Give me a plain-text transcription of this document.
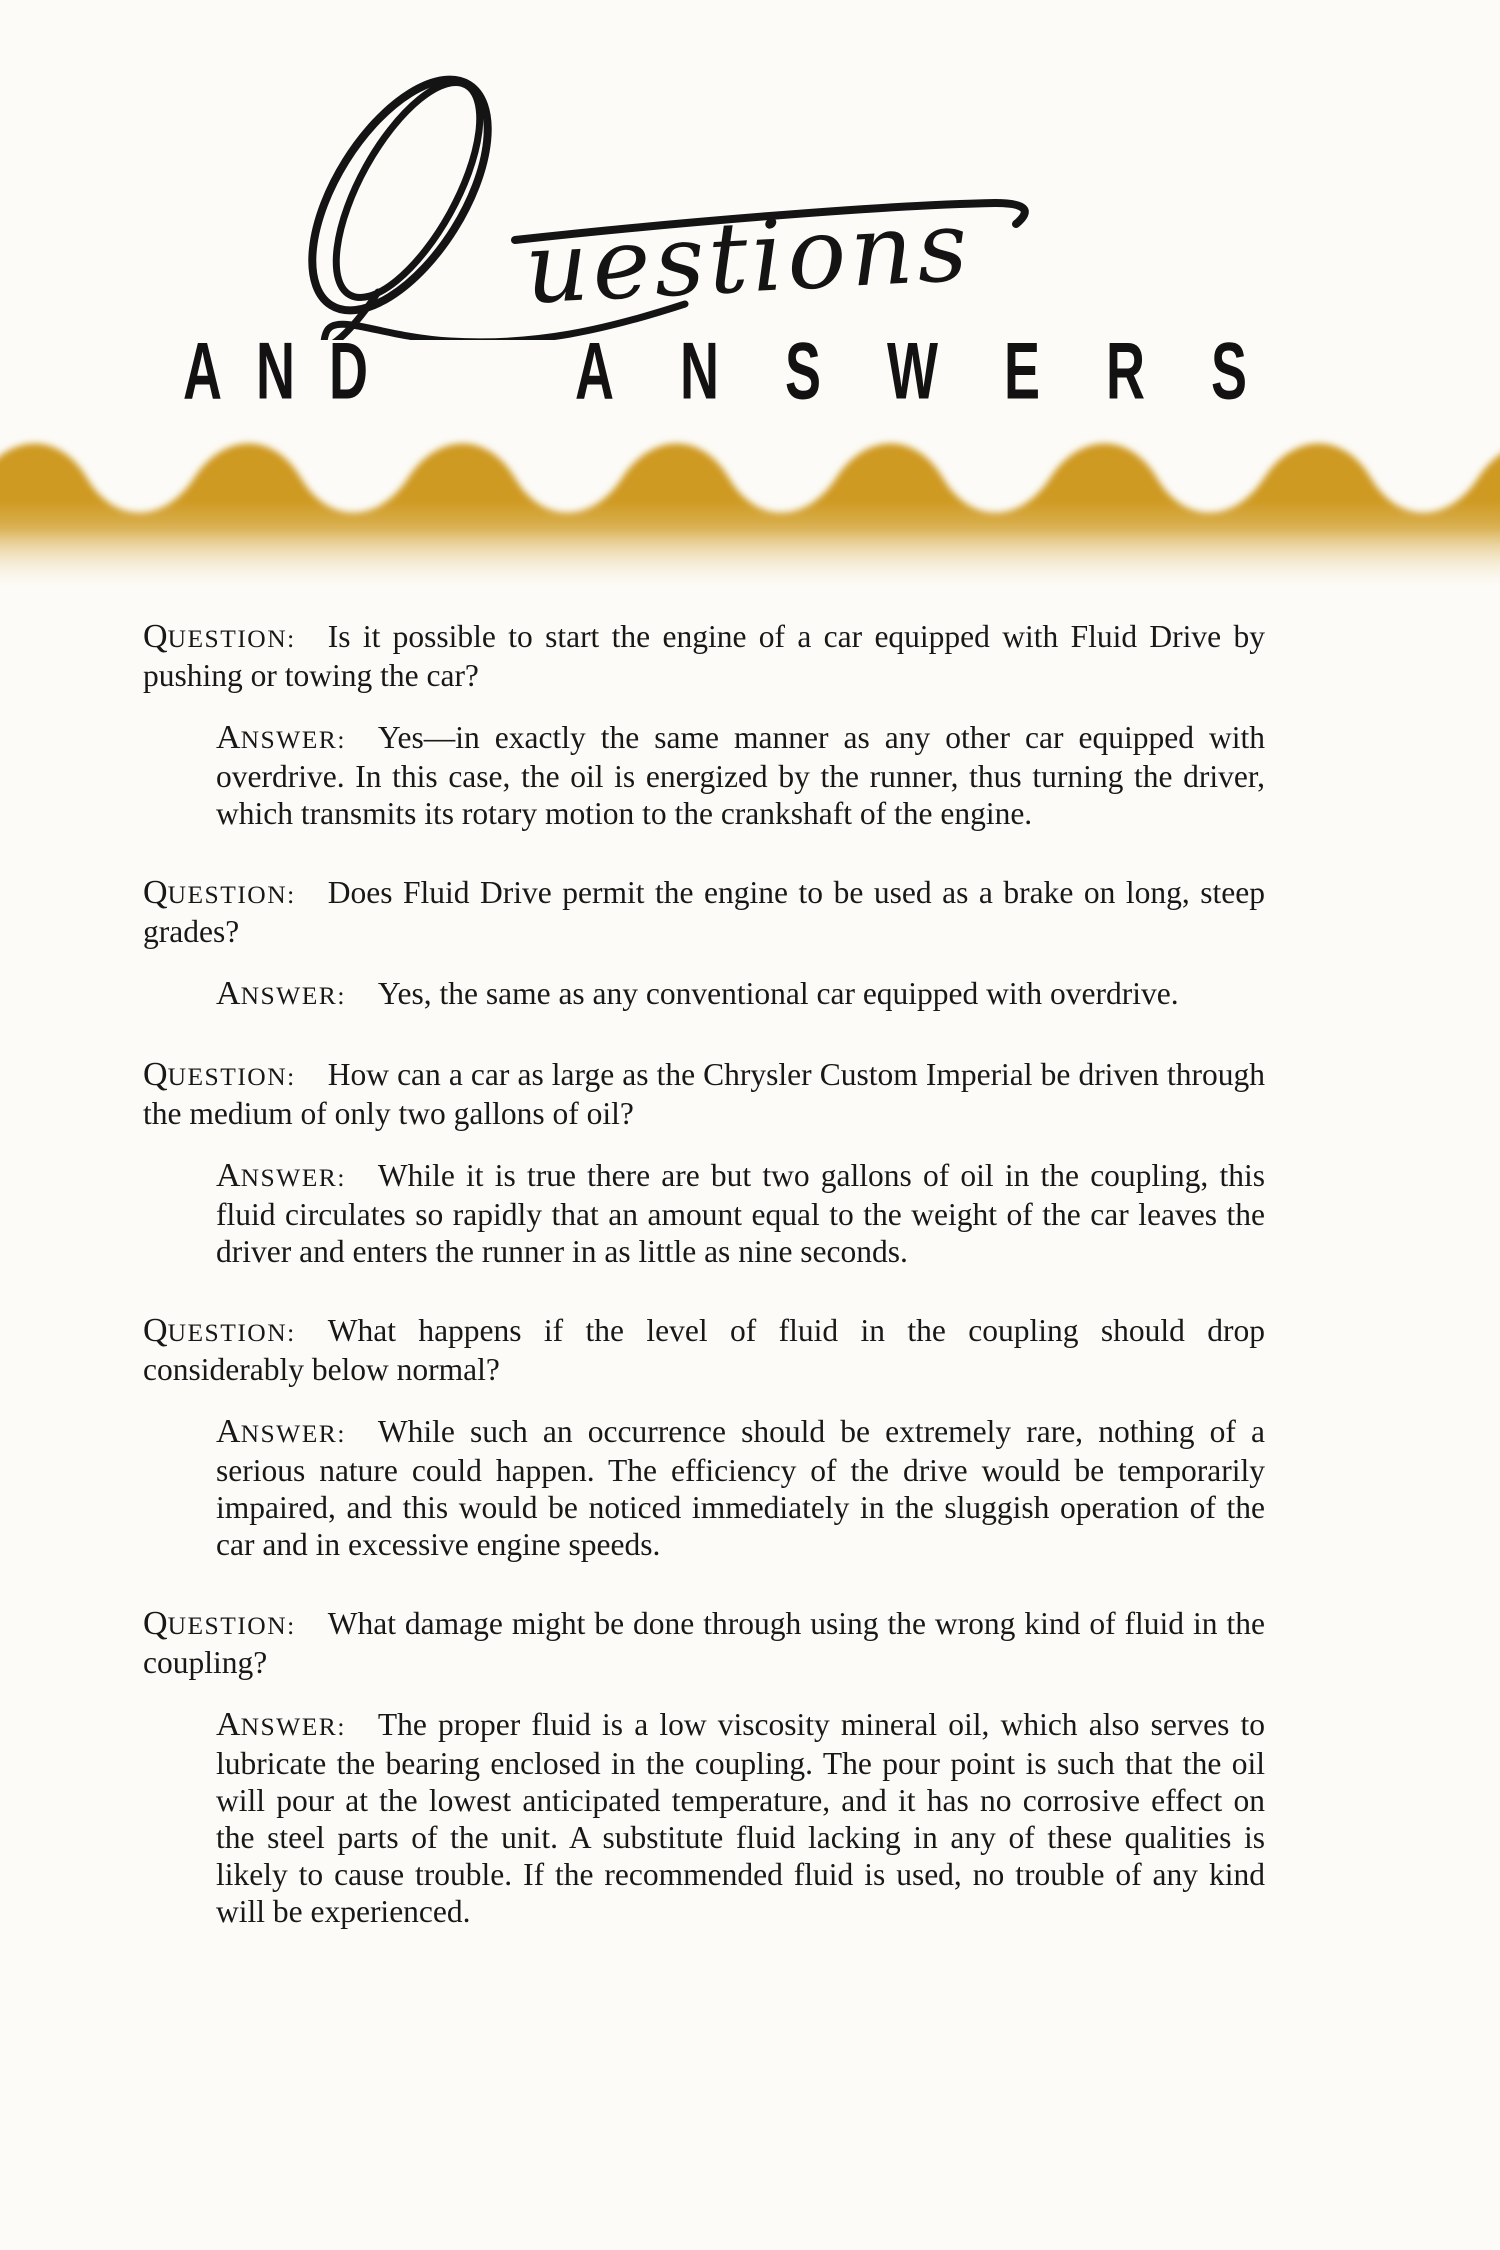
uestions
AND	ANSWERS

QUESTION: Is it possible to start the engine of a car equipped with Fluid Drive by pushing or towing the car?

ANSWER: Yes—in exactly the same manner as any other car equipped with overdrive. In this case, the oil is energized by the runner, thus turning the driver, which transmits its rotary motion to the crankshaft of the engine.

QUESTION: Does Fluid Drive permit the engine to be used as a brake on long, steep grades?

ANSWER: Yes, the same as any conventional car equipped with overdrive.

QUESTION: How can a car as large as the Chrysler Custom Imperial be driven through the medium of only two gallons of oil?

ANSWER: While it is true there are but two gallons of oil in the coupling, this fluid circulates so rapidly that an amount equal to the weight of the car leaves the driver and enters the runner in as little as nine seconds.

QUESTION: What happens if the level of fluid in the coupling should drop considerably below normal?

ANSWER: While such an occurrence should be extremely rare, nothing of a serious nature could happen. The efficiency of the drive would be temporarily impaired, and this would be noticed immediately in the sluggish operation of the car and in excessive engine speeds.

QUESTION: What damage might be done through using the wrong kind of fluid in the coupling?

ANSWER: The proper fluid is a low viscosity mineral oil, which also serves to lubricate the bearing enclosed in the coupling. The pour point is such that the oil will pour at the lowest anticipated temperature, and it has no corrosive effect on the steel parts of the unit. A substitute fluid lacking in any of these qualities is likely to cause trouble. If the recommended fluid is used, no trouble of any kind will be experienced.
